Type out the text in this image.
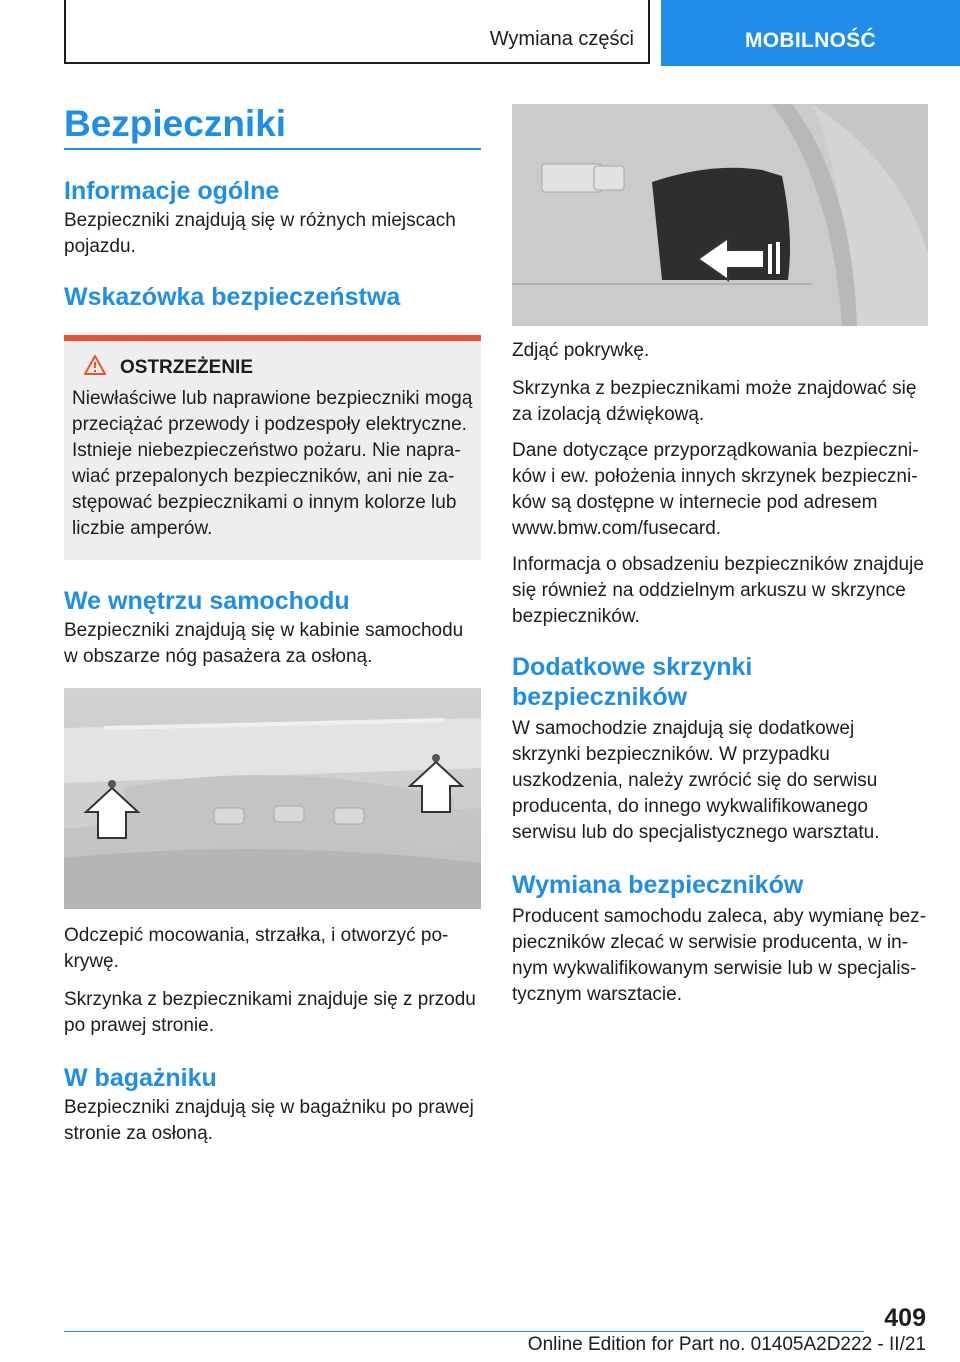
Wymiana części	MOBILNOŚĆ
Bezpieczniki
Informacje ogólne

Bezpieczniki znajdują się w różnych miejscach pojazdu.

Wskazówka bezpieczeństwa
OSTRZEŻENIE

Niewłaściwe lub naprawione bezpieczniki mogą przeciążać przewody i podzespoły elektryczne. Istnieje niebezpieczeństwo pożaru. Nie naprawiać przepalonych bezpieczników, ani nie zastępować bezpiecznikami o innym kolorze lub liczbie amperów.

We wnętrzu samochodu

Bezpieczniki znajdują się w kabinie samochodu w obszarze nóg pasażera za osłoną.

Odczepić mocowania, strzałka, i otworzyć pokrywę.

Skrzynka z bezpiecznikami znajduje się z przodu po prawej stronie.

W bagażniku

Bezpieczniki znajdują się w bagażniku po prawej stronie za osłoną.

Zdjąć pokrywkę.

Skrzynka z bezpiecznikami może znajdować się za izolacją dźwiękową.

Dane dotyczące przyporządkowania bezpieczników i ew. położenia innych skrzynek bezpieczników są dostępne w internecie pod adresem www.bmw.com/fusecard.

Informacja o obsadzeniu bezpieczników znajduje się również na oddzielnym arkuszu w skrzynce bezpieczników.

Dodatkowe skrzynki bezpieczników

W samochodzie znajdują się dodatkowej skrzynki bezpieczników. W przypadku uszkodzenia, należy zwrócić się do serwisu producenta, do innego wykwalifikowanego serwisu lub do specjalistycznego warsztatu.

Wymiana bezpieczników

Producent samochodu zaleca, aby wymianę bezpieczników zlecać w serwisie producenta, w innym wykwalifikowanym serwisie lub w specjalistycznym warsztacie.

409
Online Edition for Part no. 01405A2D222 - II/21
